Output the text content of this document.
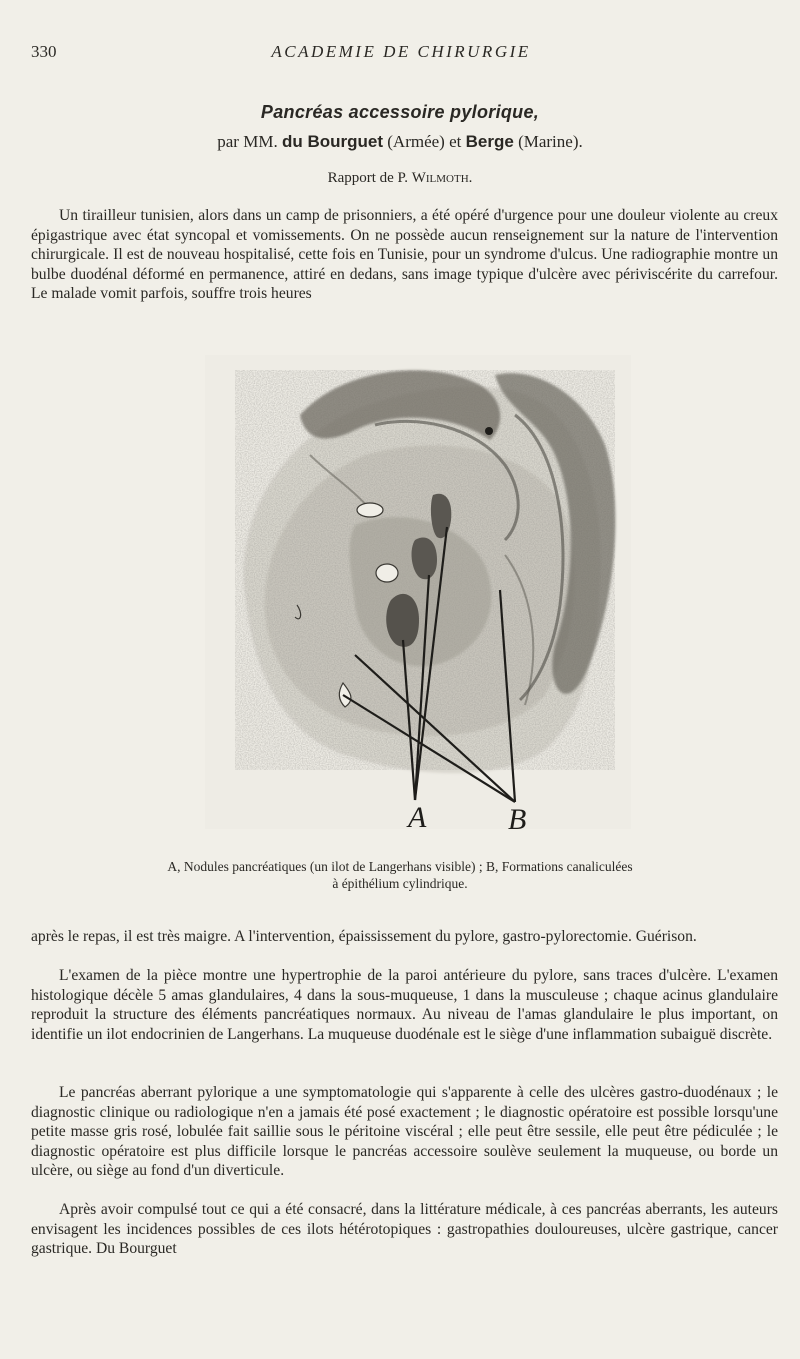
330	ACADEMIE DE CHIRURGIE
Pancréas accessoire pylorique,
par MM. du Bourguet (Armée) et Berge (Marine).
Rapport de P. Wilmoth.

Un tirailleur tunisien, alors dans un camp de prisonniers, a été opéré d'urgence pour une douleur violente au creux épigastrique avec état syncopal et vomissements. On ne possède aucun renseignement sur la nature de l'intervention chirurgicale. Il est de nouveau hospitalisé, cette fois en Tunisie, pour un syndrome d'ulcus. Une radiographie montre un bulbe duodénal déformé en permanence, attiré en dedans, sans image typique d'ulcère avec périviscérite du carrefour. Le malade vomit parfois, souffre trois heures

A	B
A, Nodules pancréatiques (un ilot de Langerhans visible) ; B, Formations canaliculées
à épithélium cylindrique.

après le repas, il est très maigre. A l'intervention, épaississement du pylore, gastro-pylorectomie. Guérison.

L'examen de la pièce montre une hypertrophie de la paroi antérieure du pylore, sans traces d'ulcère. L'examen histologique décèle 5 amas glandulaires, 4 dans la sous-muqueuse, 1 dans la musculeuse ; chaque acinus glandulaire reproduit la structure des éléments pancréatiques normaux. Au niveau de l'amas glandulaire le plus important, on identifie un ilot endocrinien de Langerhans. La muqueuse duodénale est le siège d'une inflammation subaiguë discrète.

Le pancréas aberrant pylorique a une symptomatologie qui s'apparente à celle des ulcères gastro-duodénaux ; le diagnostic clinique ou radiologique n'en a jamais été posé exactement ; le diagnostic opératoire est possible lorsqu'une petite masse gris rosé, lobulée fait saillie sous le péritoine viscéral ; elle peut être sessile, elle peut être pédiculée ; le diagnostic opératoire est plus difficile lorsque le pancréas accessoire soulève seulement la muqueuse, ou borde un ulcère, ou siège au fond d'un diverticule.

Après avoir compulsé tout ce qui a été consacré, dans la littérature médicale, à ces pancréas aberrants, les auteurs envisagent les incidences possibles de ces ilots hétérotopiques : gastropathies douloureuses, ulcère gastrique, cancer gastrique. Du Bourguet
